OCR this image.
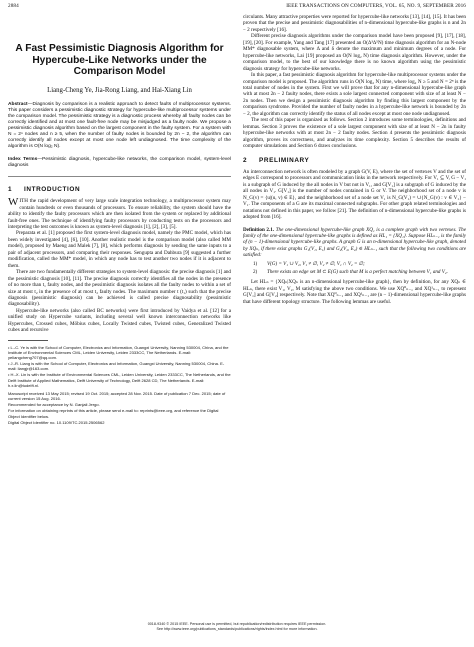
2884	IEEE TRANSACTIONS ON COMPUTERS, VOL. 65, NO. 9, SEPTEMBER 2016
A Fast Pessimistic Diagnosis Algorithm for Hypercube-Like Networks under the Comparison Model
Liang-Cheng Ye, Jia-Rong Liang, and Hai-Xiang Lin
Abstract—Diagnosis by comparison is a realistic approach to detect faults of multiprocessor systems. This paper considers a pessimistic diagnostic strategy for hypercube-like multiprocessor systems under the comparison model. The pessimistic strategy is a diagnostic process whereby all faulty nodes can be correctly identified and at most one fault-free node may be misjudged as a faulty node. We propose a pessimistic diagnosis algorithm based on the largest component in the faulty system. For a system with N = 2ⁿ nodes and n ≥ 5, when the number of faulty nodes is bounded by 2n − 2, the algorithm can correctly identify all nodes except at most one node left undiagnosed. The time complexity of the algorithm is O(N log₂ N).
Index Terms—Pessimistic diagnosis, hypercube-like networks, the comparison model, system-level diagnosis
1 INTRODUCTION

WITH the rapid development of very large scale integration technology, a multiprocessor system may contain hundreds or even thousands of processors. To ensure reliability, the system should have the ability to identify the faulty processors which are then isolated from the system or replaced by additional fault-free ones. The technique of identifying faulty processors by conducting tests on the processors and interpreting the test outcomes is known as system-level diagnosis [1], [2], [3], [5].

Preparata et al. [1] proposed the first system-level diagnosis model, namely the PMC model, which has been widely investigated [4], [6], [10]. Another realistic model is the comparison model (also called MM model), proposed by Maeng and Malek [7], [8], which performs diagnosis by sending the same inputs to a pair of adjacent processors, and comparing their responses. Sengupta and Dahbura [9] suggested a further modification, called the MM* model, in which any node has to test another two nodes if it is adjacent to them.

There are two fundamentally different strategies to system-level diagnosis: the precise diagnosis [1] and the pessimistic diagnosis [10], [11]. The precise diagnosis correctly identifies all the nodes in the presence of no more than t₁ faulty nodes, and the pessimistic diagnosis isolates all the faulty nodes to within a set of size at most t₂ in the presence of at most t₂ faulty nodes. The maximum number t (t₁) such that the precise diagnosis (pessimistic diagnosis) can be achieved is called precise diagnosability (pessimistic diagnosability).

Hypercube-like networks (also called BC networks) were first introduced by Vaidya et al. [12] for a unified study on Hypercube variants, including several well known interconnection networks like Hypercubes, Crossed cubes, Möbius cubes, Locally Twisted cubes, Twisted cubes, Generalized Twisted cubes and recursive

• L.-C. Ye is with the School of Computer, Electronics and Information, Guangxi University, Nanning 530004, China, and the Institute of Environmental Sciences CML, Leiden University, Leiden 2333CC, The Netherlands. E-mail: yeliangcheng707@qq.com.

• J.-R. Liang is with the School of Computer, Electronics and Information, Guangxi University, Nanning 530004, China. E-mail: liangjr@163.com.

• H.-X. Lin is with the Institute of Environmental Sciences CML, Leiden University, Leiden 2333CC, The Netherlands, and the Delft Institute of Applied Mathematics, Delft University of Technology, Delft 2628 CD, The Netherlands. E-mail: h.x.lin@tudelft.nl.

Manuscript received 13 May 2015; revised 19 Oct. 2015; accepted 28 Nov. 2015. Date of publication 7 Dec. 2015; date of current version 15 Aug. 2016.

Recommended for acceptance by N. Ganjali Jergo.

For information on obtaining reprints of this article, please send e-mail to: reprints@ieee.org, and reference the Digital Object Identifier below.

Digital Object Identifier no. 10.1109/TC.2015.2506562

circulants. Many attractive properties were reported for hypercube-like networks [13], [14], [15]. It has been proven that the precise and pessimistic diagnosabilities of n-dimensional hypercube-like graphs is n and 2n − 2 respectively [16].

Different precise diagnosis algorithms under the comparison model have been proposed [9], [17], [18], [19], [20]. For example, Yang and Tang [17] presented an O(Δ³Δ⁵N) time diagnosis algorithm for an N-node MM* diagnosable system, where Δ and δ denote the maximum and minimum degrees of a node. For hypercube-like networks, Lai [19] proposed an O(N log₂ N) time diagnosis algorithm. However, under the comparison model, to the best of our knowledge there is no known algorithm using the pessimistic diagnosis strategy for hypercube-like networks.

In this paper, a fast pessimistic diagnosis algorithm for hypercube-like multiprocessor systems under the comparison model is proposed. The algorithm runs in O(N log₂ N) time, where log₂ N ≥ 5 and N = 2ⁿ is the total number of nodes in the system. First we will prove that for any n-dimensional hypercube-like graph with at most 2n − 2 faulty nodes, there exists a sole largest connected component with size of at least N − 2n nodes. Then we design a pessimistic diagnosis algorithm by finding this largest component by the comparison syndrome. Provided the number of faulty nodes in a hypercube-like network is bounded by 2n − 2, the algorithm can correctly identify the status of all nodes except at most one node undiagnosed.

The rest of this paper is organized as follows. Section 2 introduces some terminologies, definitions and lemmas. Section 3 proves the existence of a sole largest component with size of at least N − 2n in faulty hypercube-like networks with at most 2n − 2 faulty nodes. Section 4 presents the pessimistic diagnosis algorithm, proves its correctness, and analyzes its time complexity. Section 5 describes the results of computer simulations and Section 6 draws conclusions.

2 PRELIMINARY

An interconnection network is often modeled by a graph G(V, E), where the set of vertexes V and the set of edges E correspond to processors and communication links in the network respectively. For V₁ ⊆ V, G − V₁ is a subgraph of G induced by the all nodes in V but not in V₁, and G[V₁] is a subgraph of G induced by the all nodes in V₁. G[V₁] is the number of nodes contained in G or V. The neighborhood set of a node v is N_G(v) = {u|(u, v) ∈ E}, and the neighborhood set of a node set V₁ is N_G(V₁) = ∪{N_G(v) : v ∈ V₁} − V₁. The components of a G are its maximal connected subgraphs. For other graph related terminologies and notations not defined in this paper, we follow [21]. The definition of n-dimensional hypercube-like graphs is adopted from [16].

Definition 2.1. The one-dimensional hypercube-like graph XQ₁ is a complete graph with two vertexes. The family of the one-dimensional hypercube-like graphs is defined as HL₁ = {XQ₁}. Suppose HLₙ₋₁ is the family of (n − 1)-dimensional hypercube-like graphs. A graph G is an n-dimensional hypercube-like graph, denoted by XQₙ, if there exist graphs G₁(V₁, E₁) and G₂(V₂, E₂) ∈ HLₙ₋₁ such that the following two conditions are satisfied:
1)	V(G) = V₁ ∪ V₂, V₁ ≠ ∅, V₂ ≠ ∅, V₁ ∩ V₂ = ∅;
2)	There exists an edge set M ⊂ E(G) such that M is a perfect matching between V₁ and V₂.

Let HLₙ = {XQₙ|XQₙ is an n-dimensional hypercube-like graph}, then by definition, for any XQₙ ∈ HLₙ, there exist V₁, V₂, M satisfying the above two conditions. We use XQ⁰ₙ₋₁ and XQ¹ₙ₋₁ to represent G[V₁] and G[V₂] respectively. Note that XQ⁰ₙ₋₁ and XQ¹ₙ₋₁ are (n − 1)-dimensional hypercube-like graphs that have different topology structure. The following lemmas are useful.

0018-9340 © 2015 IEEE. Personal use is permitted, but republication/redistribution requires IEEE permission.
See http://www.ieee.org/publications_standards/publications/rights/index.html for more information.
